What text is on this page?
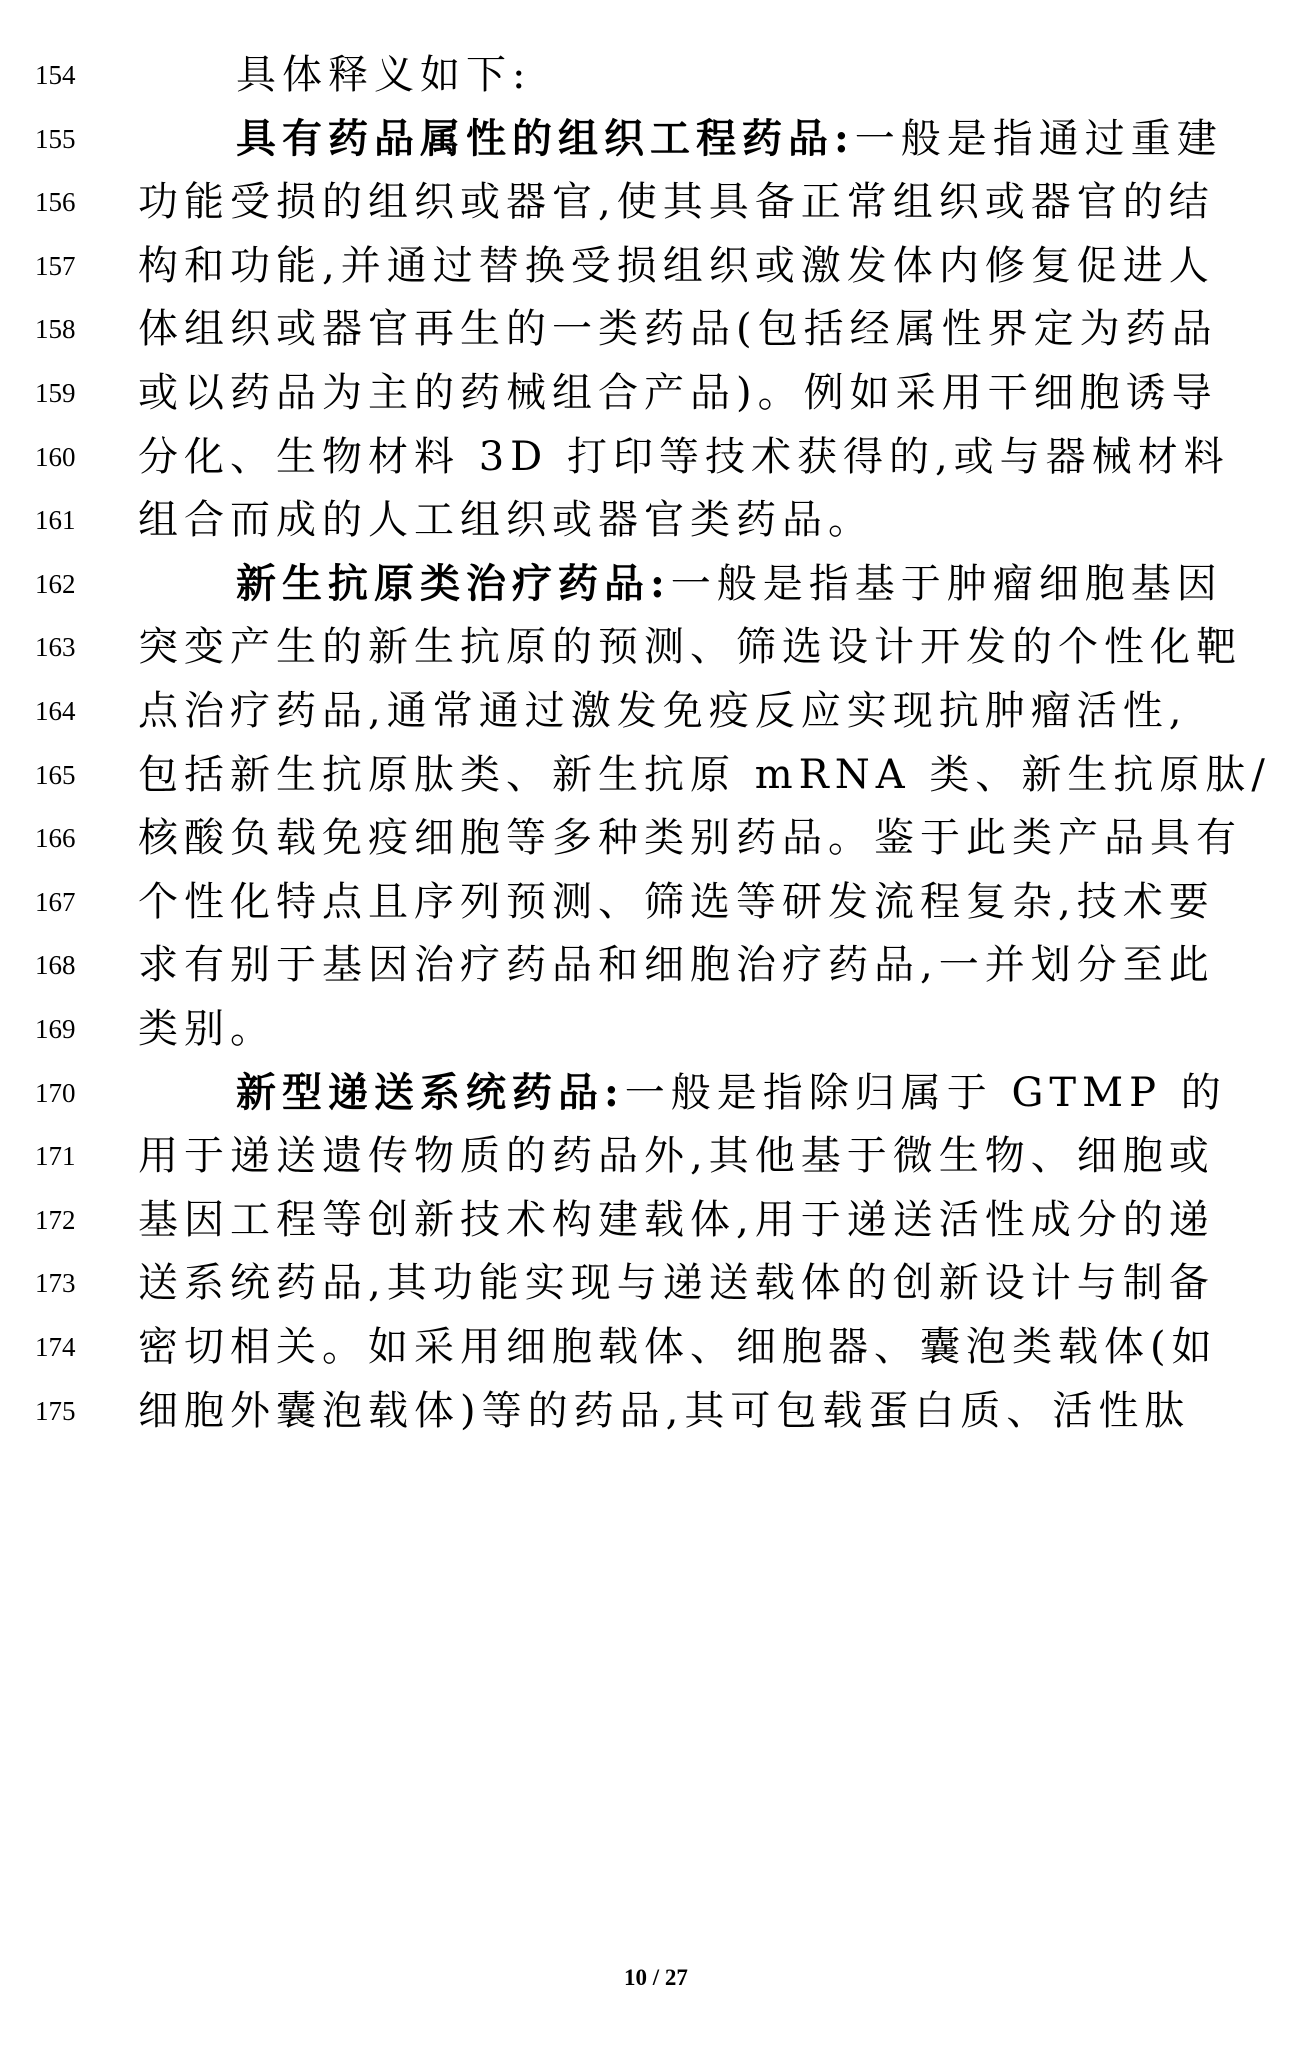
154	具体释义如下:
155	具有药品属性的组织工程药品:一般是指通过重建
156	功能受损的组织或器官,使其具备正常组织或器官的结
157	构和功能,并通过替换受损组织或激发体内修复促进人
158	体组织或器官再生的一类药品(包括经属性界定为药品
159	或以药品为主的药械组合产品)。例如采用干细胞诱导
160	分化、生物材料 3D 打印等技术获得的,或与器械材料
161	组合而成的人工组织或器官类药品。
162	新生抗原类治疗药品:一般是指基于肿瘤细胞基因
163	突变产生的新生抗原的预测、筛选设计开发的个性化靶
164	点治疗药品,通常通过激发免疫反应实现抗肿瘤活性,
165	包括新生抗原肽类、新生抗原 mRNA 类、新生抗原肽/
166	核酸负载免疫细胞等多种类别药品。鉴于此类产品具有
167	个性化特点且序列预测、筛选等研发流程复杂,技术要
168	求有别于基因治疗药品和细胞治疗药品,一并划分至此
169	类别。
170	新型递送系统药品:一般是指除归属于 GTMP 的
171	用于递送遗传物质的药品外,其他基于微生物、细胞或
172	基因工程等创新技术构建载体,用于递送活性成分的递
173	送系统药品,其功能实现与递送载体的创新设计与制备
174	密切相关。如采用细胞载体、细胞器、囊泡类载体(如
175	细胞外囊泡载体)等的药品,其可包载蛋白质、活性肽
10 / 27
